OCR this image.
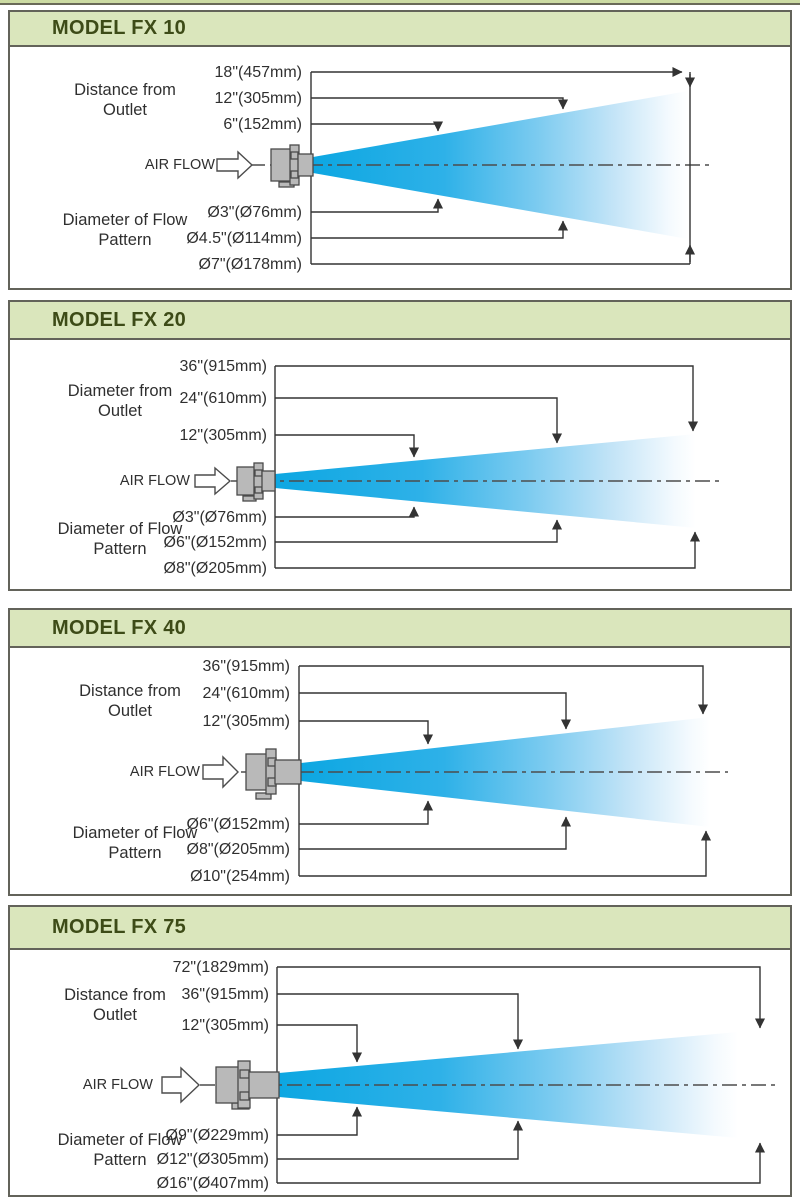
MODEL FX 10
Distance from Outlet
18"(457mm)
12"(305mm)
6"(152mm)
AIR FLOW
Diameter of Flow Pattern
Ø3"(Ø76mm)
Ø4.5"(Ø114mm)
Ø7"(Ø178mm)
MODEL FX 20
Diameter from Outlet
36"(915mm)
24"(610mm)
12"(305mm)
AIR FLOW
Diameter of Flow Pattern
Ø3"(Ø76mm)
Ø6"(Ø152mm)
Ø8"(Ø205mm)
MODEL FX 40
Distance from Outlet
36"(915mm)
24"(610mm)
12"(305mm)
AIR FLOW
Diameter of Flow Pattern
Ø6"(Ø152mm)
Ø8"(Ø205mm)
Ø10"(254mm)
MODEL FX 75
Distance from Outlet
72"(1829mm)
36"(915mm)
12"(305mm)
AIR FLOW
Diameter of Flow Pattern
Ø9"(Ø229mm)
Ø12"(Ø305mm)
Ø16"(Ø407mm)
